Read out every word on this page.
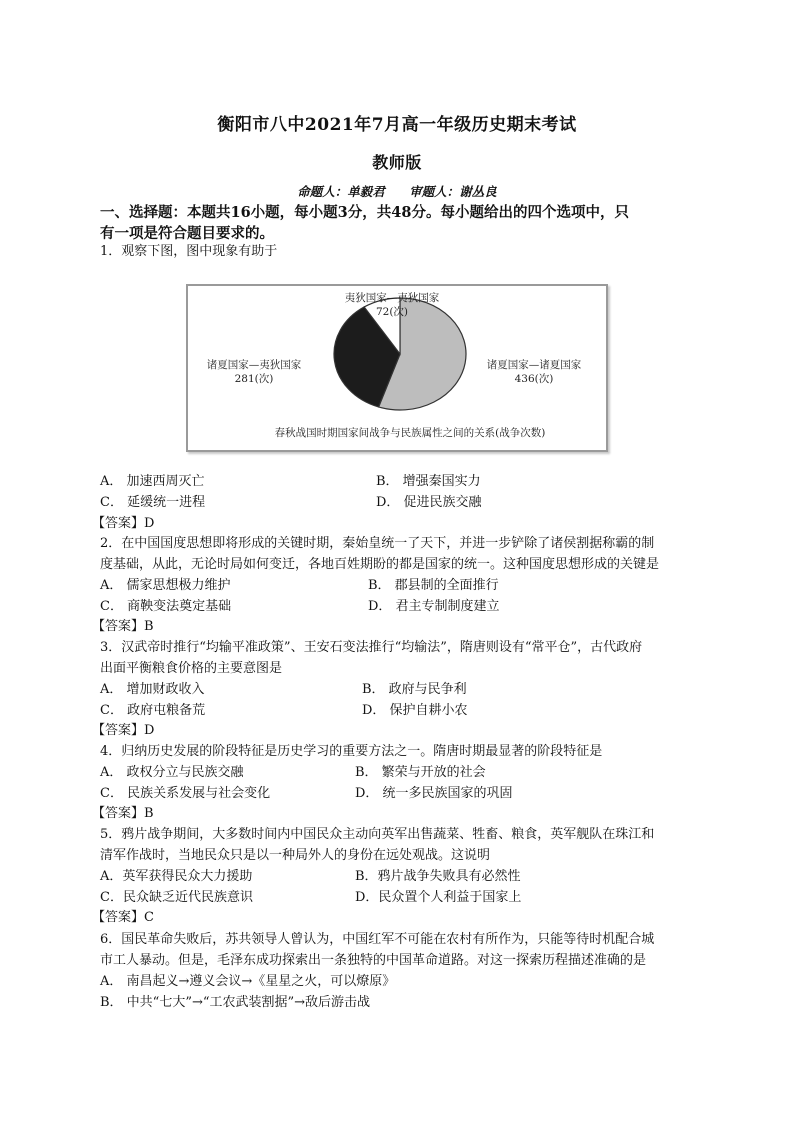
衡阳市八中2021年7月高一年级历史期末考试
教师版
命题人：单毅君 审题人：谢丛良
一、选择题：本题共16小题，每小题3分，共48分。每小题给出的四个选项中，只
有一项是符合题目要求的。
1．观察下图，图中现象有助于
诸夏国家—夷狄国家
281(次)
夷狄国家—夷狄国家
72(次)
诸夏国家—诸夏国家
436(次)
春秋战国时期国家间战争与民族属性之间的关系(战争次数)
A． 加速西周灭亡	B． 增强秦国实力
C． 延缓统一进程	D． 促进民族交融
【答案】D
2．在中国国度思想即将形成的关键时期，秦始皇统一了天下，并进一步铲除了诸侯割据称霸的制
度基础，从此，无论时局如何变迁，各地百姓期盼的都是国家的统一。这种国度思想形成的关键是
A． 儒家思想极力维护	B． 郡县制的全面推行
C． 商鞅变法奠定基础	D． 君主专制制度建立
【答案】B
3．汉武帝时推行“均输平准政策”、王安石变法推行“均输法”，隋唐则设有“常平仓”，古代政府
出面平衡粮食价格的主要意图是
A． 增加财政收入	B． 政府与民争利
C． 政府屯粮备荒	D． 保护自耕小农
【答案】D
4．归纳历史发展的阶段特征是历史学习的重要方法之一。隋唐时期最显著的阶段特征是
A． 政权分立与民族交融	B． 繁荣与开放的社会
C． 民族关系发展与社会变化	D． 统一多民族国家的巩固
【答案】B
5．鸦片战争期间，大多数时间内中国民众主动向英军出售蔬菜、牲畜、粮食，英军舰队在珠江和
清军作战时，当地民众只是以一种局外人的身份在远处观战。这说明
A．英军获得民众大力援助	B．鸦片战争失败具有必然性
C．民众缺乏近代民族意识	D．民众置个人利益于国家上
【答案】C
6．国民革命失败后，苏共领导人曾认为，中国红军不可能在农村有所作为，只能等待时机配合城
市工人暴动。但是，毛泽东成功探索出一条独特的中国革命道路。对这一探索历程描述准确的是
A． 南昌起义→遵义会议→《星星之火，可以燎原》
B． 中共“七大”→“工农武装割据”→敌后游击战
